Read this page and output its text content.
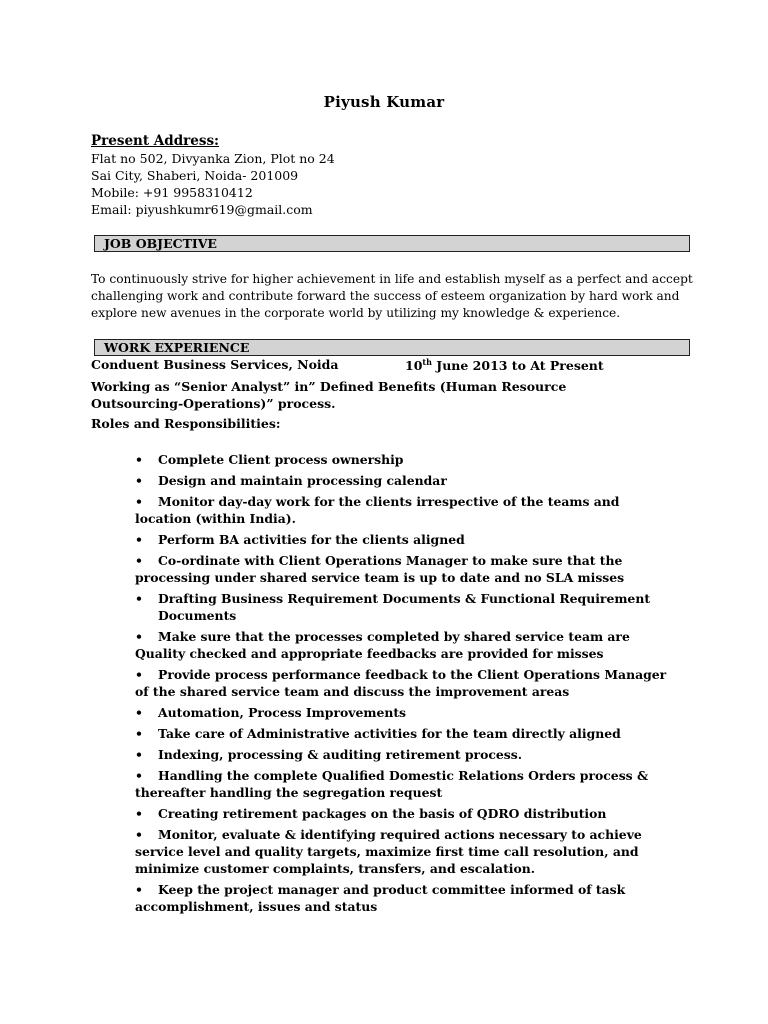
Piyush Kumar
Present Address:
Flat no 502, Divyanka Zion, Plot no 24
Sai City, Shaberi, Noida- 201009
Mobile: +91 9958310412
Email: piyushkumr619@gmail.com
JOB OBJECTIVE
To continuously strive for higher achievement in life and establish myself as a perfect and accept challenging work and contribute forward the success of esteem organization by hard work and explore new avenues in the corporate world by utilizing my knowledge & experience.
WORK EXPERIENCE
Conduent Business Services, Noida	10th June 2013 to At Present
Working as “Senior Analyst” in” Defined Benefits (Human Resource Outsourcing-Operations)” process.
Roles and Responsibilities:
• Complete Client process ownership
• Design and maintain processing calendar
• Monitor day-day work for the clients irrespective of the teams and location (within India).
• Perform BA activities for the clients aligned
• Co-ordinate with Client Operations Manager to make sure that the processing under shared service team is up to date and no SLA misses
•	Drafting Business Requirement Documents & Functional Requirement Documents
• Make sure that the processes completed by shared service team are Quality checked and appropriate feedbacks are provided for misses
• Provide process performance feedback to the Client Operations Manager of the shared service team and discuss the improvement areas
• Automation, Process Improvements
• Take care of Administrative activities for the team directly aligned
• Indexing, processing & auditing retirement process.
• Handling the complete Qualified Domestic Relations Orders process & thereafter handling the segregation request
• Creating retirement packages on the basis of QDRO distribution
• Monitor, evaluate & identifying required actions necessary to achieve service level and quality targets, maximize first time call resolution, and minimize customer complaints, transfers, and escalation.
• Keep the project manager and product committee informed of task accomplishment, issues and status
